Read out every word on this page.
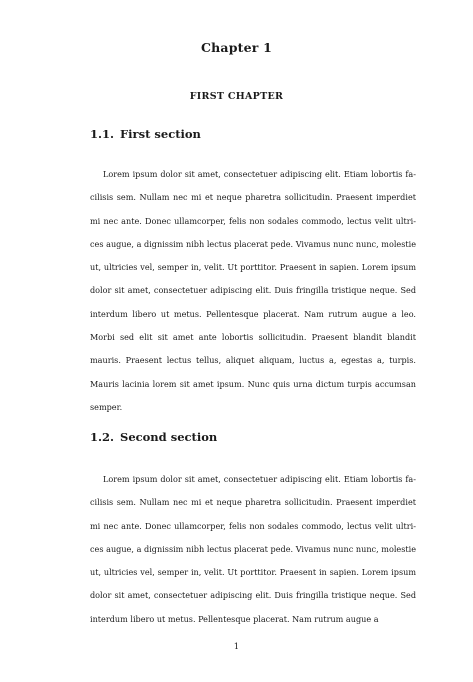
Chapter 1
FIRST CHAPTER
1.1. First section
Lorem ipsum dolor sit amet, consectetuer adipiscing elit. Etiam lobortis facilisis sem. Nullam nec mi et neque pharetra sollicitudin. Praesent imperdiet mi nec ante. Donec ullamcorper, felis non sodales commodo, lectus velit ultrices augue, a dignissim nibh lectus placerat pede. Vivamus nunc nunc, molestie ut, ultricies vel, semper in, velit. Ut porttitor. Praesent in sapien. Lorem ipsum dolor sit amet, consectetuer adipiscing elit. Duis fringilla tristique neque. Sed interdum libero ut metus. Pellentesque placerat. Nam rutrum augue a leo. Morbi sed elit sit amet ante lobortis sollicitudin. Praesent blandit blandit mauris. Praesent lectus tellus, aliquet aliquam, luctus a, egestas a, turpis. Mauris lacinia lorem sit amet ipsum. Nunc quis urna dictum turpis accumsan semper.
1.2. Second section
Lorem ipsum dolor sit amet, consectetuer adipiscing elit. Etiam lobortis facilisis sem. Nullam nec mi et neque pharetra sollicitudin. Praesent imperdiet mi nec ante. Donec ullamcorper, felis non sodales commodo, lectus velit ultrices augue, a dignissim nibh lectus placerat pede. Vivamus nunc nunc, molestie ut, ultricies vel, semper in, velit. Ut porttitor. Praesent in sapien. Lorem ipsum dolor sit amet, consectetuer adipiscing elit. Duis fringilla tristique neque. Sed interdum libero ut metus. Pellentesque placerat. Nam rutrum augue a
1
